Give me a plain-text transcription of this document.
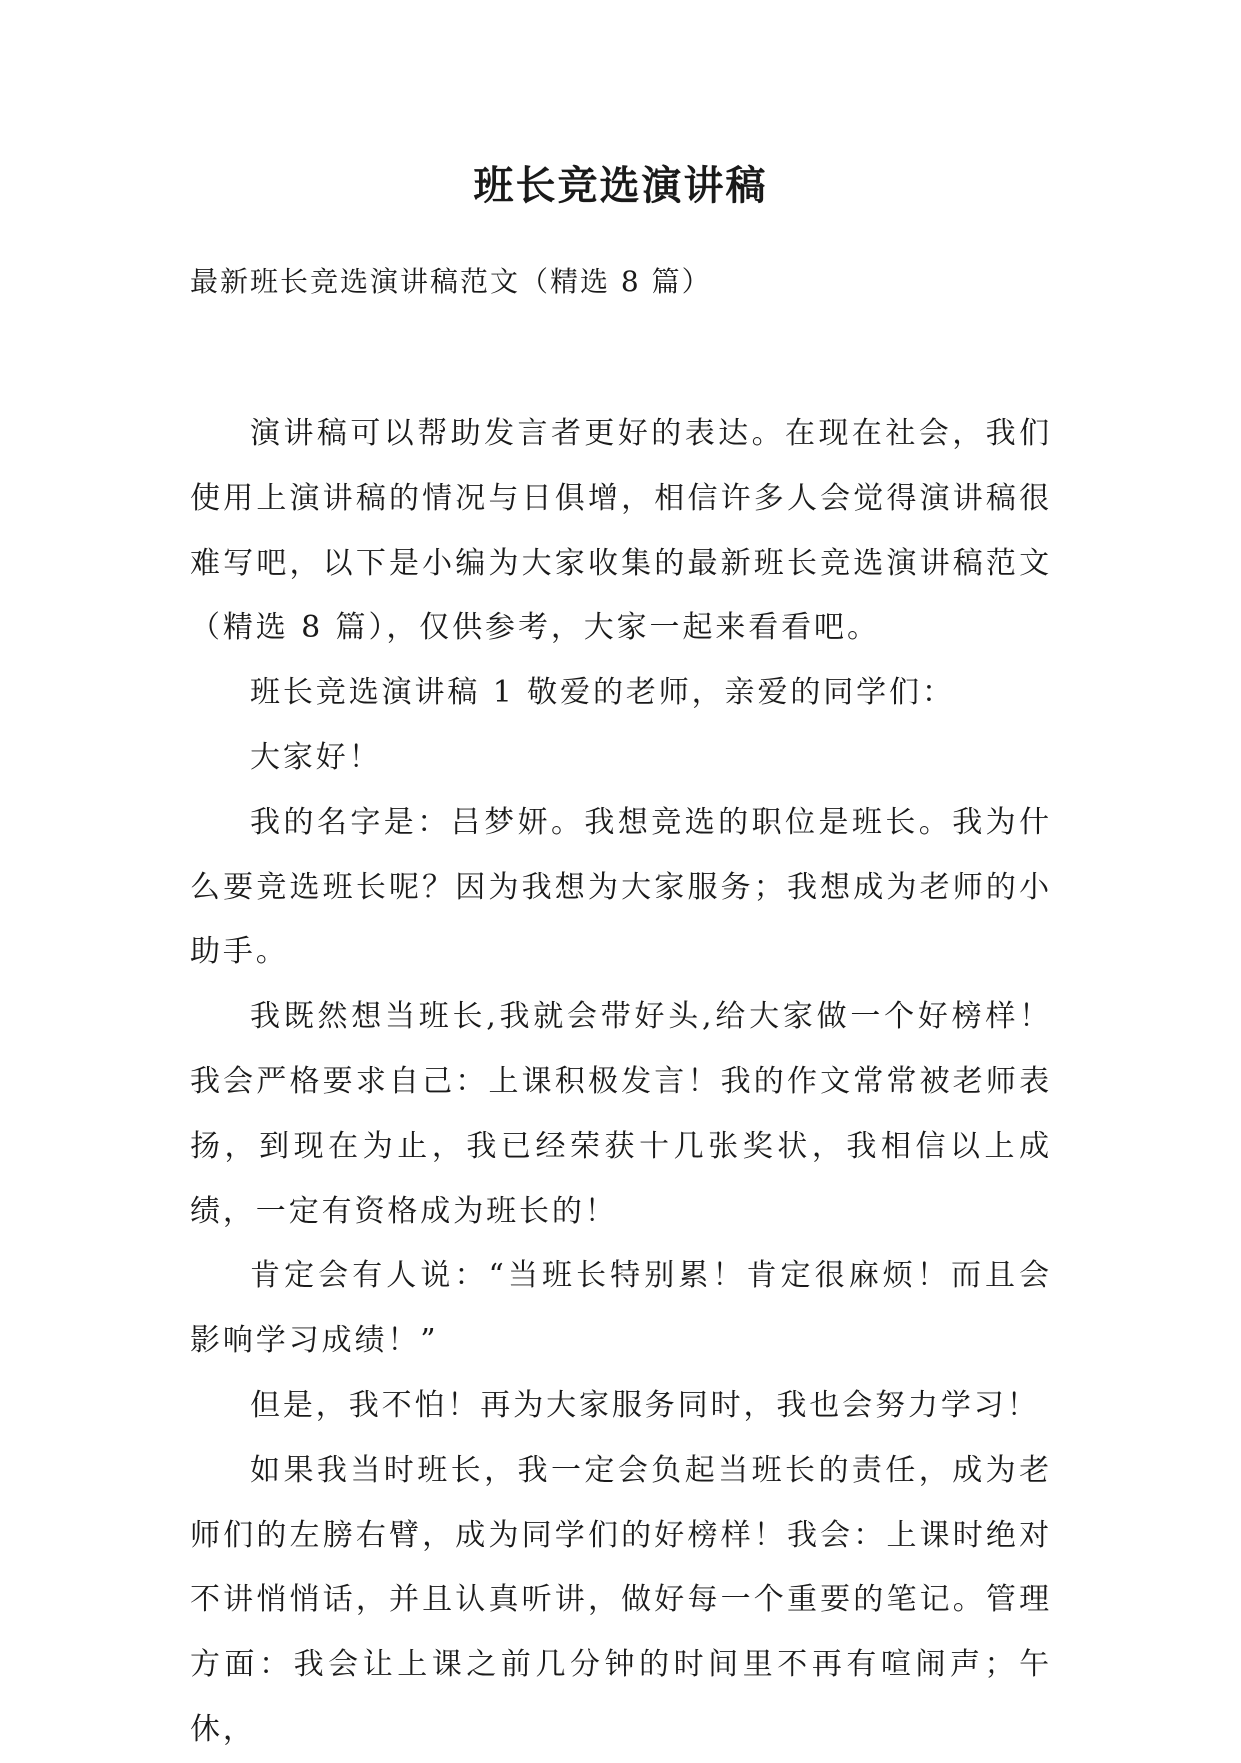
班长竞选演讲稿
最新班长竞选演讲稿范文（精选 8 篇）

演讲稿可以帮助发言者更好的表达。在现在社会，我们使用上演讲稿的情况与日俱增，相信许多人会觉得演讲稿很难写吧，以下是小编为大家收集的最新班长竞选演讲稿范文（精选 8 篇），仅供参考，大家一起来看看吧。

班长竞选演讲稿 1 敬爱的老师，亲爱的同学们：

大家好！

我的名字是：吕梦妍。我想竞选的职位是班长。我为什么要竞选班长呢？因为我想为大家服务；我想成为老师的小助手。

我既然想当班长,我就会带好头,给大家做一个好榜样！我会严格要求自己：上课积极发言！我的作文常常被老师表扬，到现在为止，我已经荣获十几张奖状，我相信以上成绩，一定有资格成为班长的！

肯定会有人说：“当班长特别累！肯定很麻烦！而且会影响学习成绩！”

但是，我不怕！再为大家服务同时，我也会努力学习！

如果我当时班长，我一定会负起当班长的责任，成为老师们的左膀右臂，成为同学们的好榜样！我会：上课时绝对不讲悄悄话，并且认真听讲，做好每一个重要的笔记。管理方面：我会让上课之前几分钟的时间里不再有喧闹声；午休，
